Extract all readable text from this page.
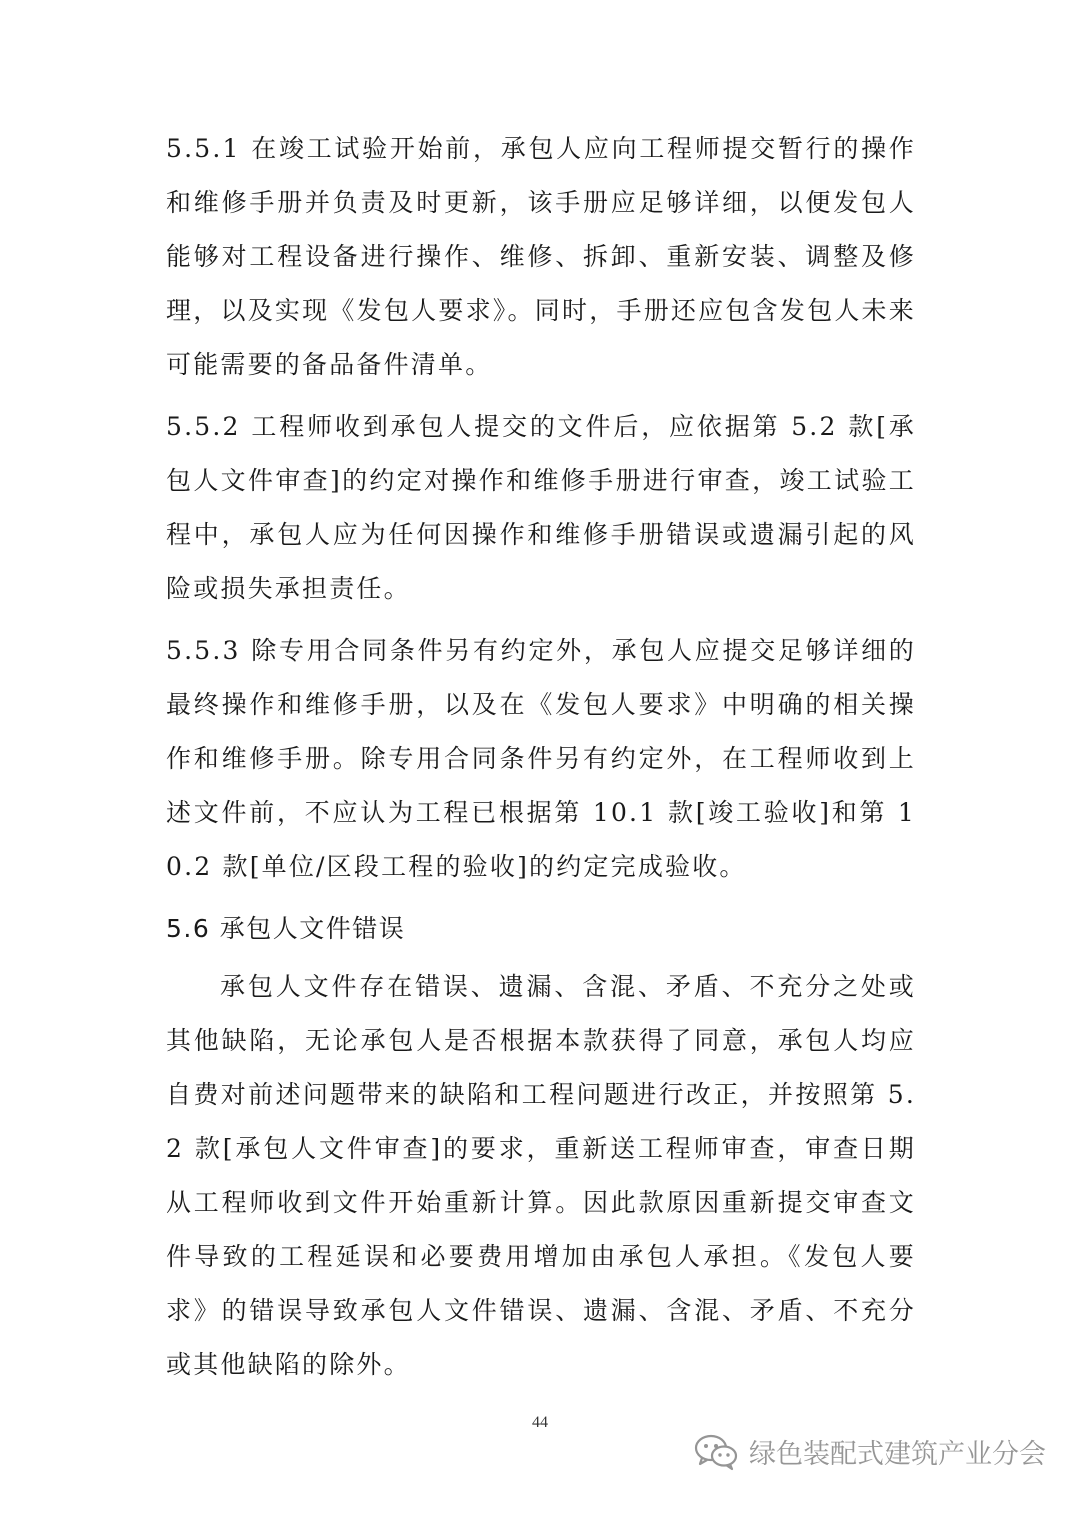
5.5.1 在竣工试验开始前，承包人应向工程师提交暂行的操作和维修手册并负责及时更新，该手册应足够详细，以便发包人能够对工程设备进行操作、维修、拆卸、重新安装、调整及修理，以及实现《发包人要求》。同时，手册还应包含发包人未来可能需要的备品备件清单。

5.5.2 工程师收到承包人提交的文件后，应依据第 5.2 款[承包人文件审查]的约定对操作和维修手册进行审查，竣工试验工程中，承包人应为任何因操作和维修手册错误或遗漏引起的风险或损失承担责任。

5.5.3 除专用合同条件另有约定外，承包人应提交足够详细的最终操作和维修手册，以及在《发包人要求》中明确的相关操作和维修手册。除专用合同条件另有约定外，在工程师收到上述文件前，不应认为工程已根据第 10.1 款[竣工验收]和第 10.2 款[单位/区段工程的验收]的约定完成验收。

5.6 承包人文件错误

承包人文件存在错误、遗漏、含混、矛盾、不充分之处或其他缺陷，无论承包人是否根据本款获得了同意，承包人均应自费对前述问题带来的缺陷和工程问题进行改正，并按照第 5.2 款[承包人文件审查]的要求，重新送工程师审查，审查日期从工程师收到文件开始重新计算。因此款原因重新提交审查文件导致的工程延误和必要费用增加由承包人承担。《发包人要求》的错误导致承包人文件错误、遗漏、含混、矛盾、不充分或其他缺陷的除外。

44
绿色装配式建筑产业分会
